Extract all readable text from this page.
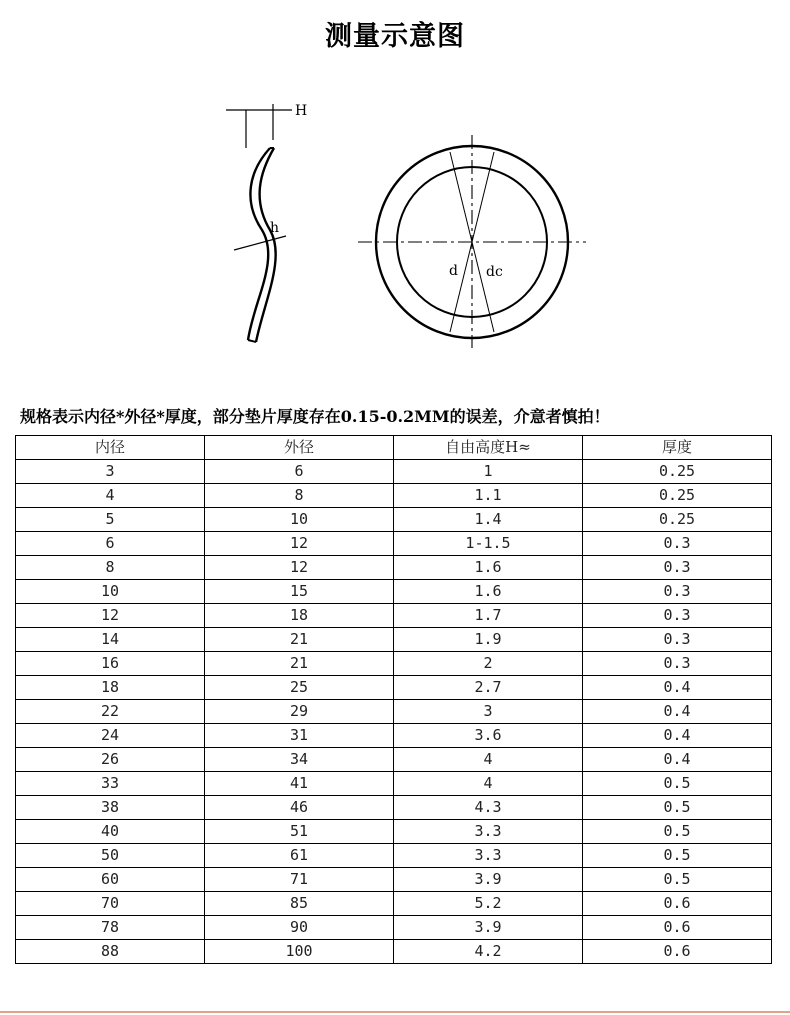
测量示意图
H
h
d dc
规格表示内径*外径*厚度，部分垫片厚度存在0.15-0.2MM的误差，介意者慎拍！
内径	外径	自由高度H≈	厚度
3	6	1	0.25
4	8	1.1	0.25
5	10	1.4	0.25
6	12	1-1.5	0.3
8	12	1.6	0.3
10	15	1.6	0.3
12	18	1.7	0.3
14	21	1.9	0.3
16	21	2	0.3
18	25	2.7	0.4
22	29	3	0.4
24	31	3.6	0.4
26	34	4	0.4
33	41	4	0.5
38	46	4.3	0.5
40	51	3.3	0.5
50	61	3.3	0.5
60	71	3.9	0.5
70	85	5.2	0.6
78	90	3.9	0.6
88	100	4.2	0.6
